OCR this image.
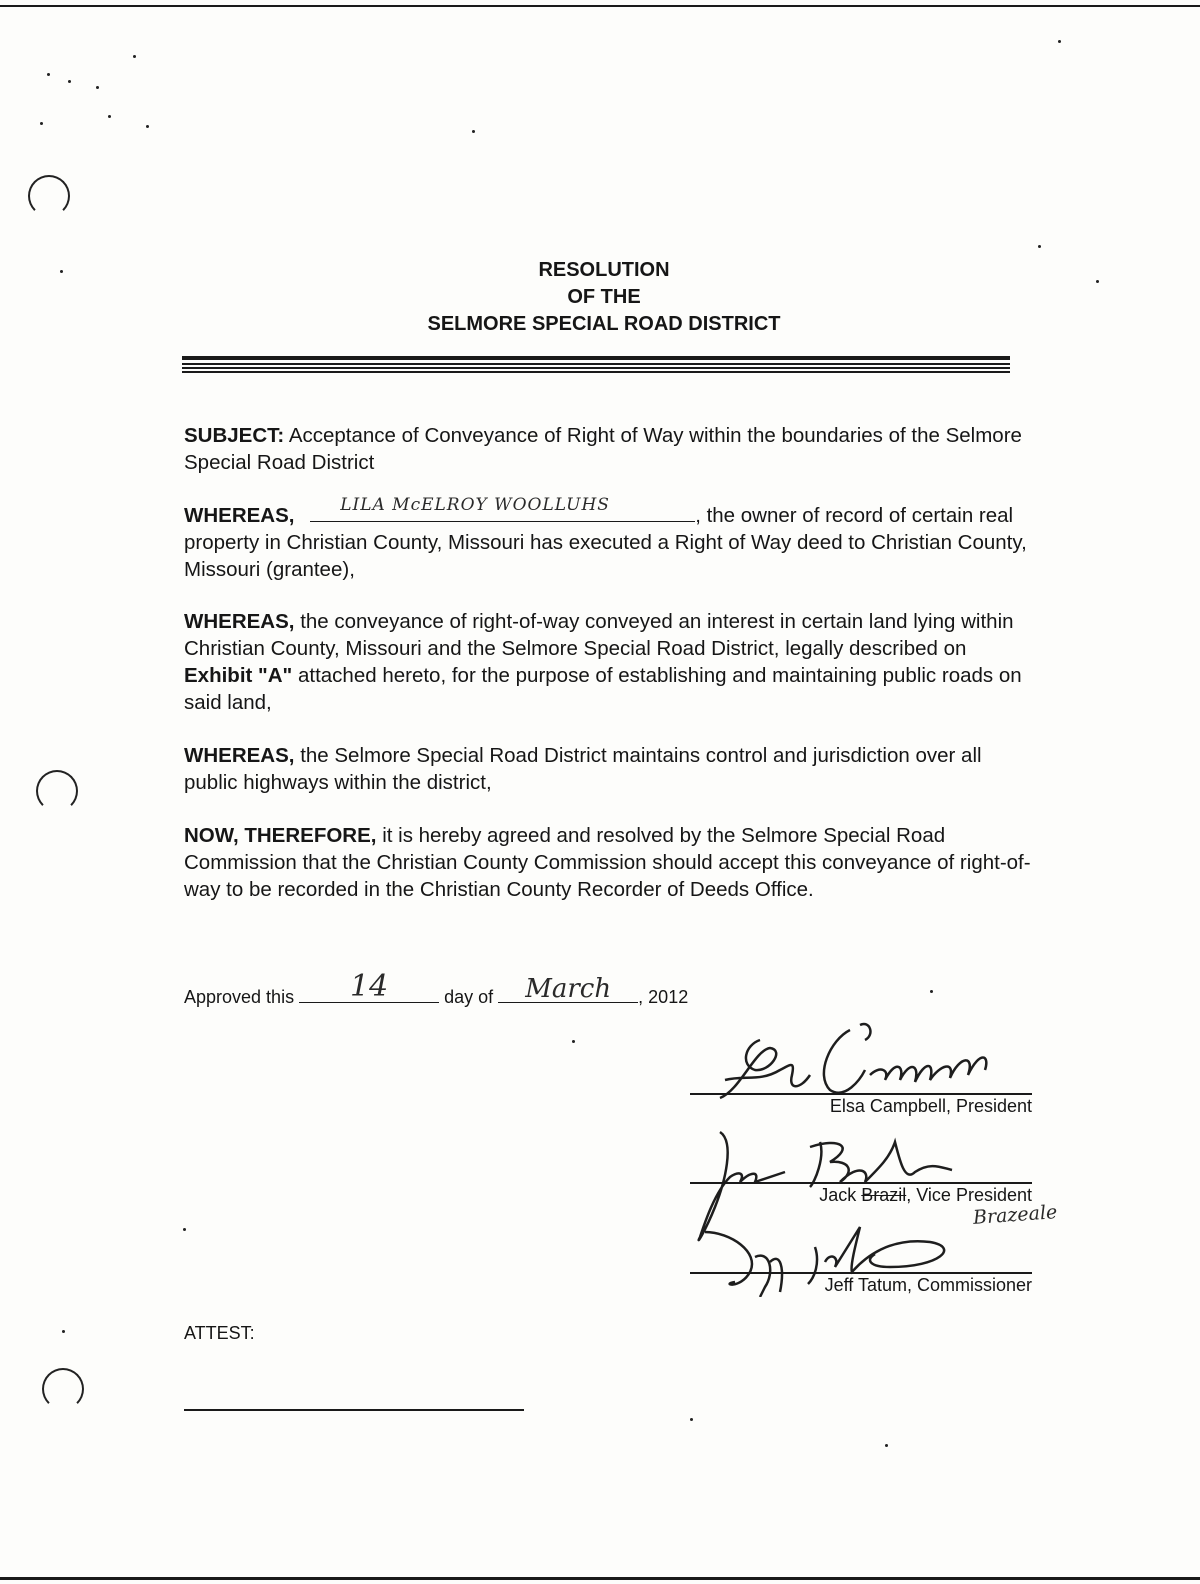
RESOLUTION
OF THE
SELMORE SPECIAL ROAD DISTRICT

SUBJECT: Acceptance of Conveyance of Right of Way within the boundaries of the Selmore Special Road District

WHEREAS,	LILA McELROY WOOLLUHS	, the owner of record of certain real property in Christian County, Missouri has executed a Right of Way deed to Christian County, Missouri (grantee),

WHEREAS, the conveyance of right-of-way conveyed an interest in certain land lying within Christian County, Missouri and the Selmore Special Road District, legally described on Exhibit "A" attached hereto, for the purpose of establishing and maintaining public roads on said land,

WHEREAS, the Selmore Special Road District maintains control and jurisdiction over all public highways within the district,

NOW, THEREFORE, it is hereby agreed and resolved by the Selmore Special Road Commission that the Christian County Commission should accept this conveyance of right-of-way to be recorded in the Christian County Recorder of Deeds Office.

Approved this	14	day of	March	, 2012
Elsa Campbell, President
Jack Brazil, Vice President
Brazeale
Jeff Tatum, Commissioner
ATTEST:
